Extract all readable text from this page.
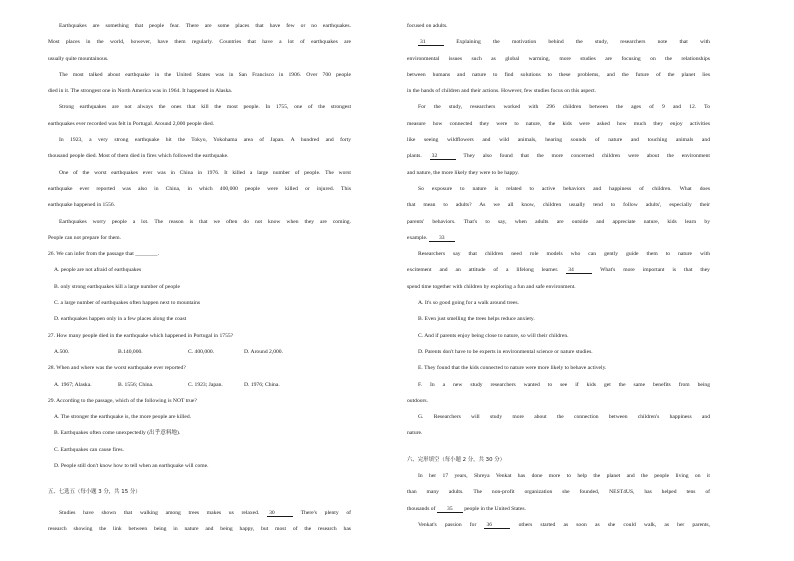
Earthquakes are something that people fear. There are some places that have few or no earthquakes.
Most places in the world, however, have them regularly. Countries that have a lot of earthquakes are
usually quite mountainous.
The most talked about earthquake in the United States was in San Francisco in 1906. Over 700 people
died in it. The strongest one in North America was in 1964. It happened in Alaska.
Strong earthquakes are not always the ones that kill the most people. In 1755, one of the strongest
earthquakes ever recorded was felt in Portugal. Around 2,000 people died.
In 1923, a very strong earthquake hit the Tokyo, Yokohama area of Japan. A hundred and forty
thousand people died. Most of them died in fires which followed the earthquake.
One of the worst earthquakes ever was in China in 1976. It killed a large number of people. The worst
earthquake ever reported was also in China, in which 400,000 people were killed or injured. This
earthquake happened in 1556.
Earthquakes worry people a lot. The reason is that we often do not know when they are coming.
People can not prepare for them.
26. We can infer from the passage that ________.
A. people are not afraid of earthquakes
B. only strong earthquakes kill a large number of people
C. a large number of earthquakes often happen next to mountains
D. earthquakes happen only in a few places along the coast
27. How many people died in the earthquake which happened in Portugal in 1755?
A.500.	B.140,000.	C. 400,000.	D. Around 2,000.
28. When and where was the worst earthquake ever reported?
A. 1967; Alaska.	B. 1556; China.	C. 1923; Japan.	D. 1976; China.
29. According to the passage, which of the following is NOT true?
A. The stronger the earthquake is, the more people are killed.
B. Earthquakes often come unexpectedly (出乎意料地).
C. Earthquakes can cause fires.
D. People still don't know how to tell when an earthquake will come.
五、七选五（每小题 3 分，共 15 分）
Studies have shown that walking among trees makes us relaxed. 30	There's plenty of
research showing the link between being in nature and being happy, but most of the research has
focused on adults.
31	Explaining the motivation behind the study, researchers note that with
environmental issues such as global warming, more studies are focusing on the relationships
between humans and nature to find solutions to these problems, and the future of the planet lies
in the hands of children and their actions. However, few studies focus on this aspect.
For the study, researchers worked with 296 children between the ages of 9 and 12. To
measure how connected they were to nature, the kids were asked how much they enjoy activities
like seeing wildflowers and wild animals, hearing sounds of nature and touching animals and
plants. 32	They also found that the more concerned children were about the environment
and nature, the more likely they were to be happy.
So exposure to nature is related to active behaviors and happiness of children. What does
that mean to adults? As we all know, children usually tend to follow adults', especially their
parents' behaviors. That's to say, when adults are outside and appreciate nature, kids learn by
example. 33
Researchers say that children need role models who can gently guide them to nature with
excitement and an attitude of a lifelong learner. 34	What's more important is that they
spend time together with children by exploring a fun and safe environment.
A. It's so good going for a walk around trees.
B. Even just smelling the trees helps reduce anxiety.
C. And if parents enjoy being close to nature, so will their children.
D. Parents don't have to be experts in environmental science or nature studies.
E. They found that the kids connected to nature were more likely to behave actively.
F. In a new study researchers wanted to see if kids get the same benefits from being
outdoors.
G. Researchers will study more about the connection between children's happiness and
nature.
六、完形填空（每小题 2 分，共 30 分）
In her 17 years, Shreya Venkat has done more to help the planet and the people living on it
than many adults. The non-profit organization she founded, NEST4US, has helped tens of
thousands of 35 people in the United States.
Venkat's passion for 36	others started as soon as she could walk, as her parents,
